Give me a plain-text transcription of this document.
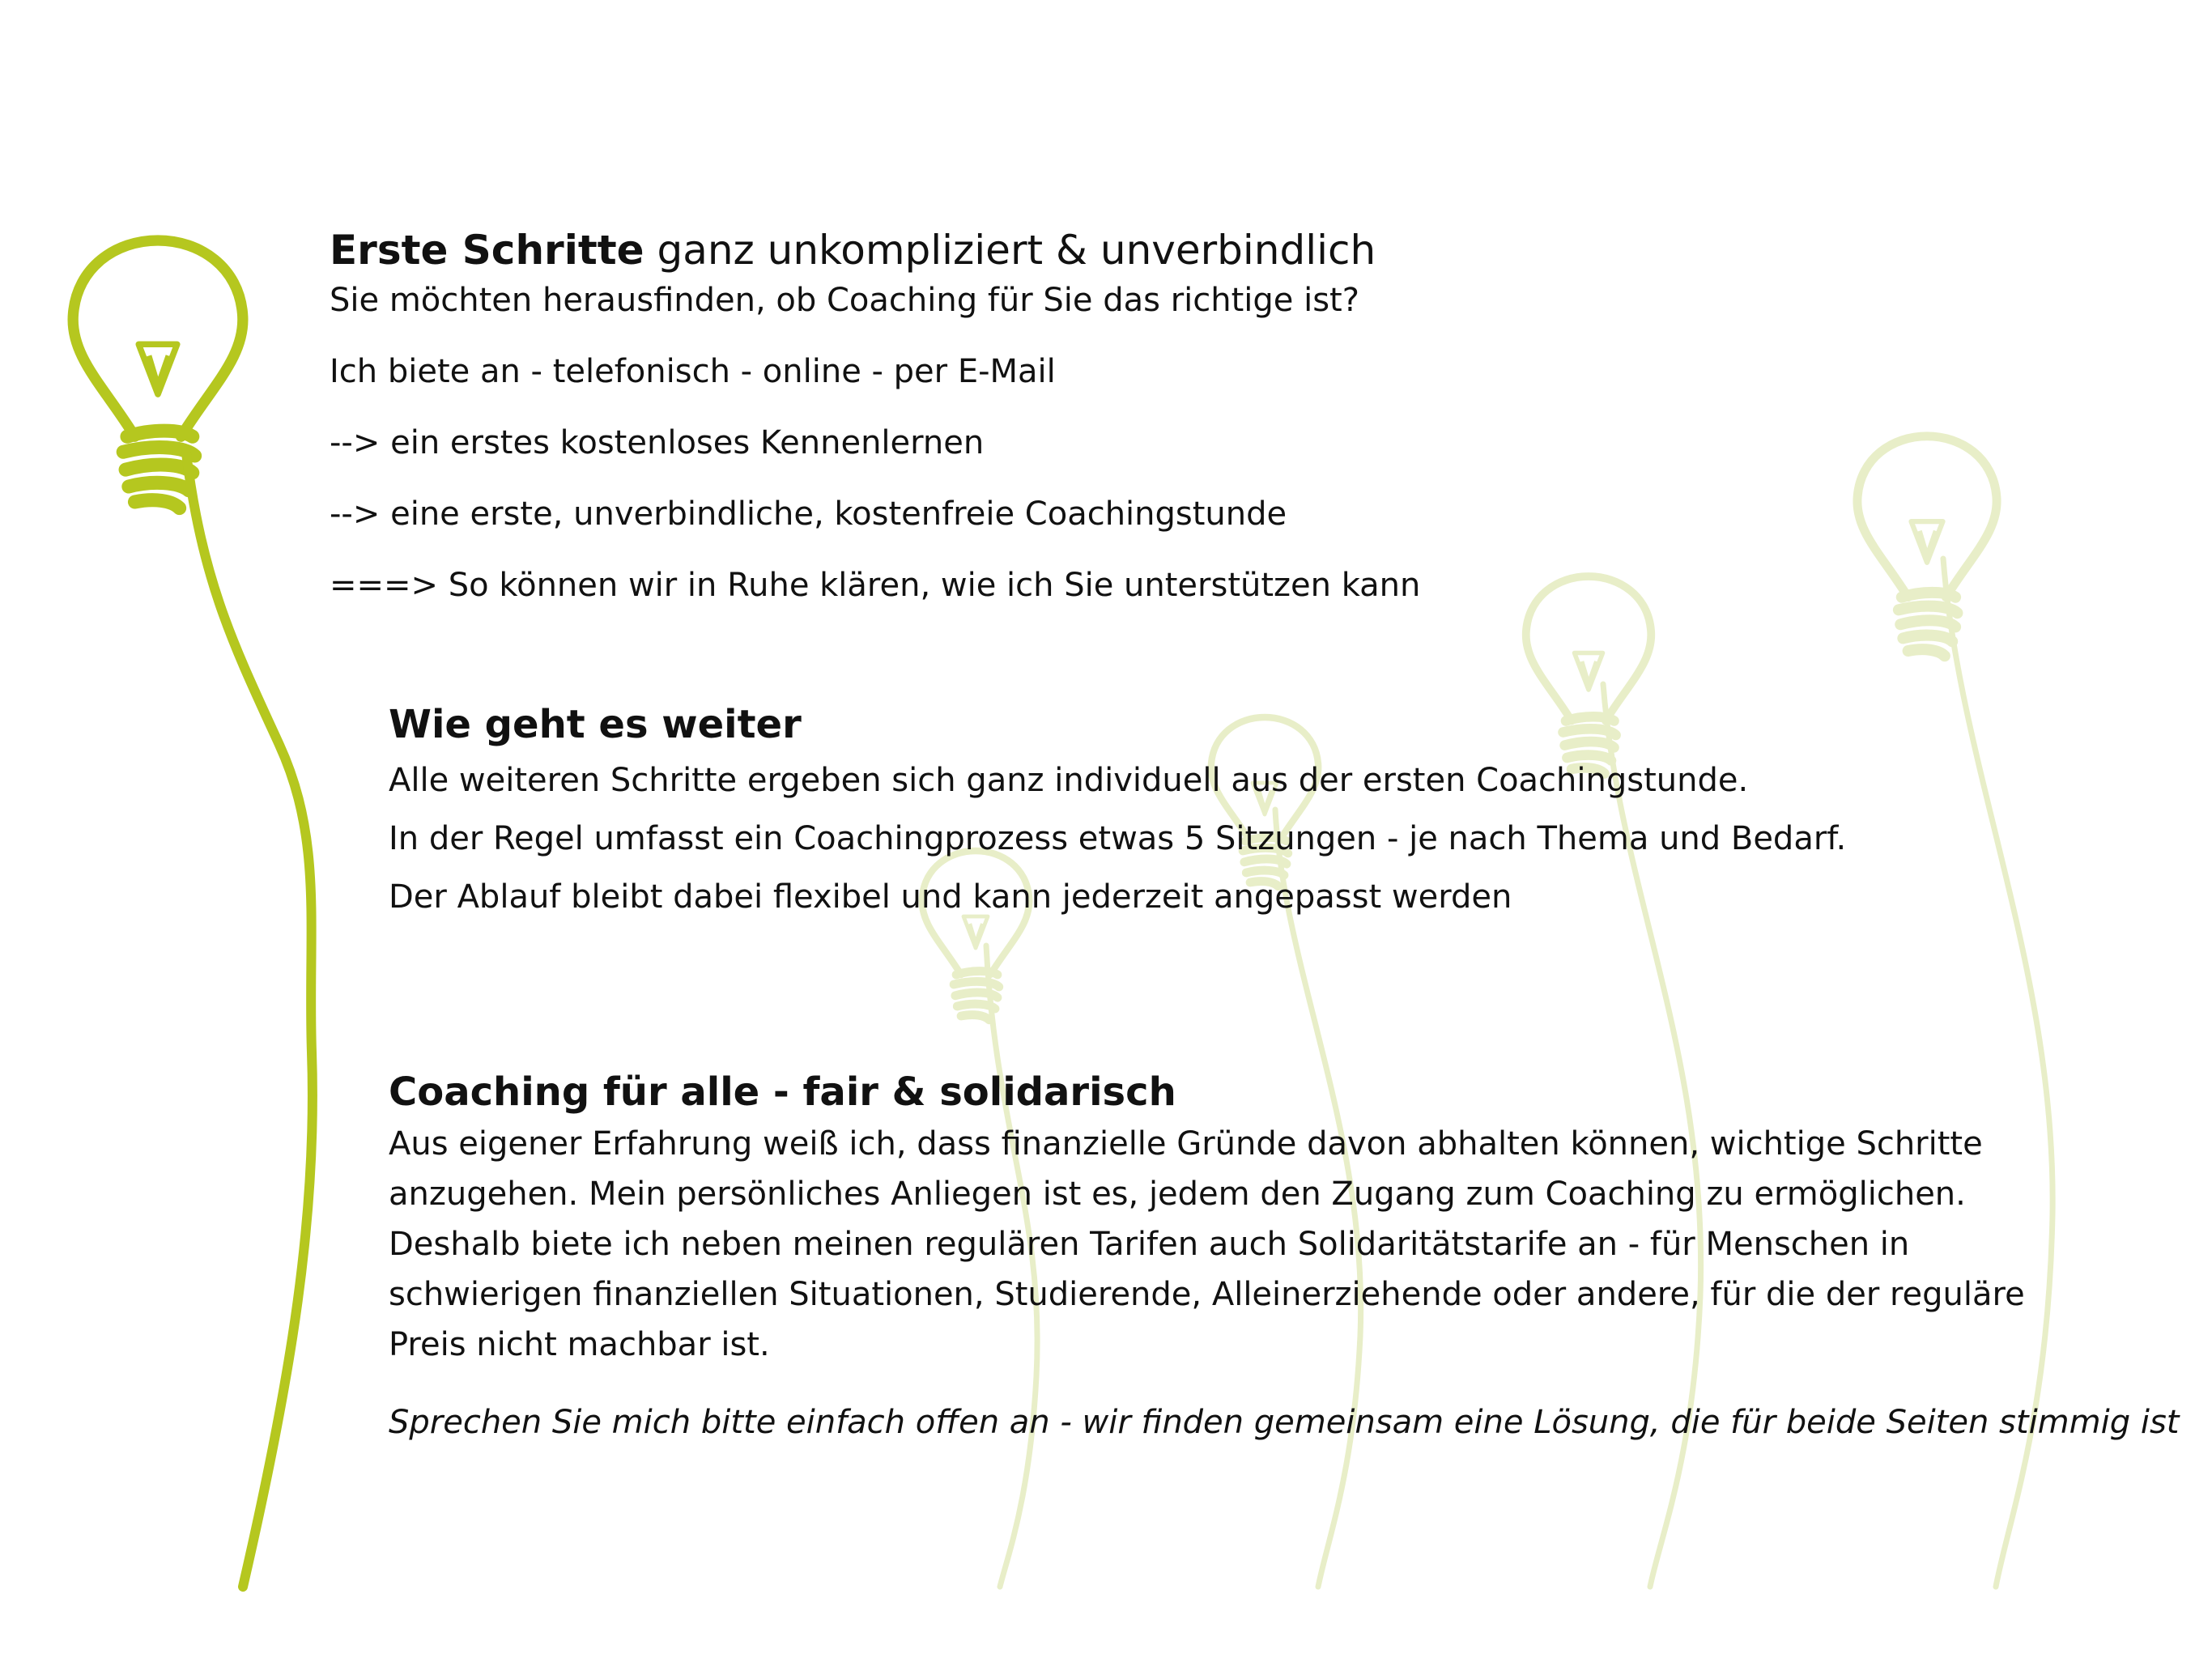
Erste Schritte ganz unkompliziert & unverbindlich

Sie möchten herausfinden, ob Coaching für Sie das richtige ist?

Ich biete an - telefonisch - online - per E-Mail

--> ein erstes kostenloses Kennenlernen

--> eine erste, unverbindliche, kostenfreie Coachingstunde

===> So können wir in Ruhe klären, wie ich Sie unterstützen kann

Wie geht es weiter

Alle weiteren Schritte ergeben sich ganz individuell aus der ersten Coachingstunde.

In der Regel umfasst ein Coachingprozess etwas 5 Sitzungen - je nach Thema und Bedarf.

Der Ablauf bleibt dabei flexibel und kann jederzeit angepasst werden

Coaching für alle - fair & solidarisch

Aus eigener Erfahrung weiß ich, dass finanzielle Gründe davon abhalten können, wichtige Schritte

anzugehen. Mein persönliches Anliegen ist es, jedem den Zugang zum Coaching zu ermöglichen.

Deshalb biete ich neben meinen regulären Tarifen auch Solidaritätstarife an - für Menschen in

schwierigen finanziellen Situationen, Studierende, Alleinerziehende oder andere, für die der reguläre

Preis nicht machbar ist.

Sprechen Sie mich bitte einfach offen an - wir finden gemeinsam eine Lösung, die für beide Seiten stimmig ist
